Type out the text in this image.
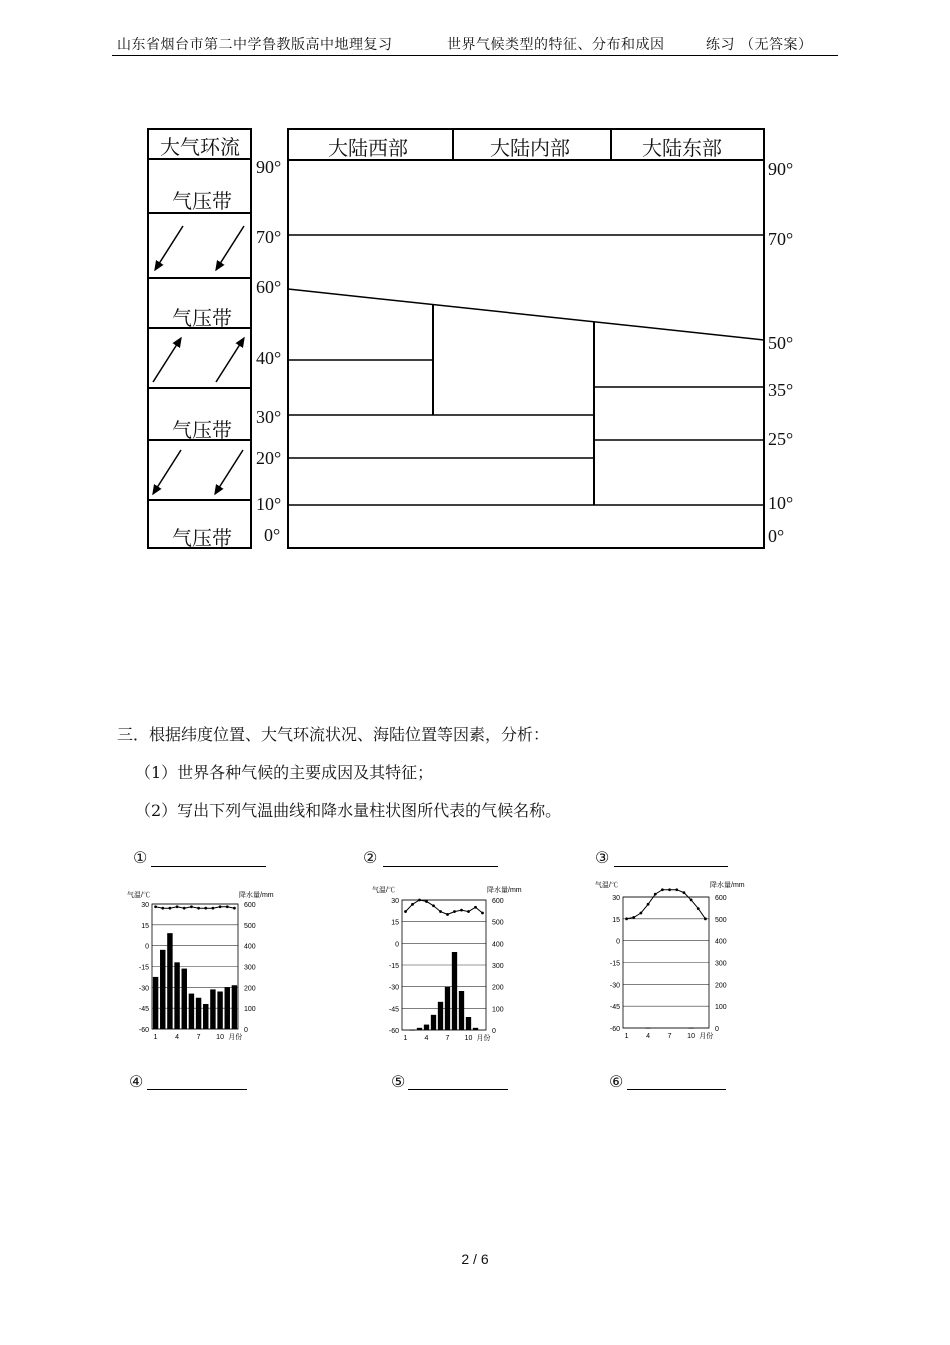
山东省烟台市第二中学鲁教版高中地理复习	世界气候类型的特征、分布和成因	练习 （无答案）
大气环流
气压带
气压带
气压带
气压带
大陆西部	大陆内部	大陆东部
90°
70°
60°
40°
30°
20°
10°
0°
90°
70°
50°
35°
25°
10°
0°
三．根据纬度位置、大气环流状况、海陆位置等因素，分析：
（1）世界各种气候的主要成因及其特征；
（2）写出下列气温曲线和降水量柱状图所代表的气候名称。
①	②	③
④	⑤	⑥
气温/℃	降水量/mm
30
15
0
-15
-30
-45
-60
600
500
400
300
200
100
0
1	4	7 10 月份
气温/℃	降水量/mm
30
15
0
-15
-30
-45
-60
600
500
400
300
200
100
0
1 4 7 10 月份
气温/℃	降水量/mm
30
15
0
-15
-30
-45
-60
600
500
400
300
200
100
0
1	4	7 10 月份
2 / 6
